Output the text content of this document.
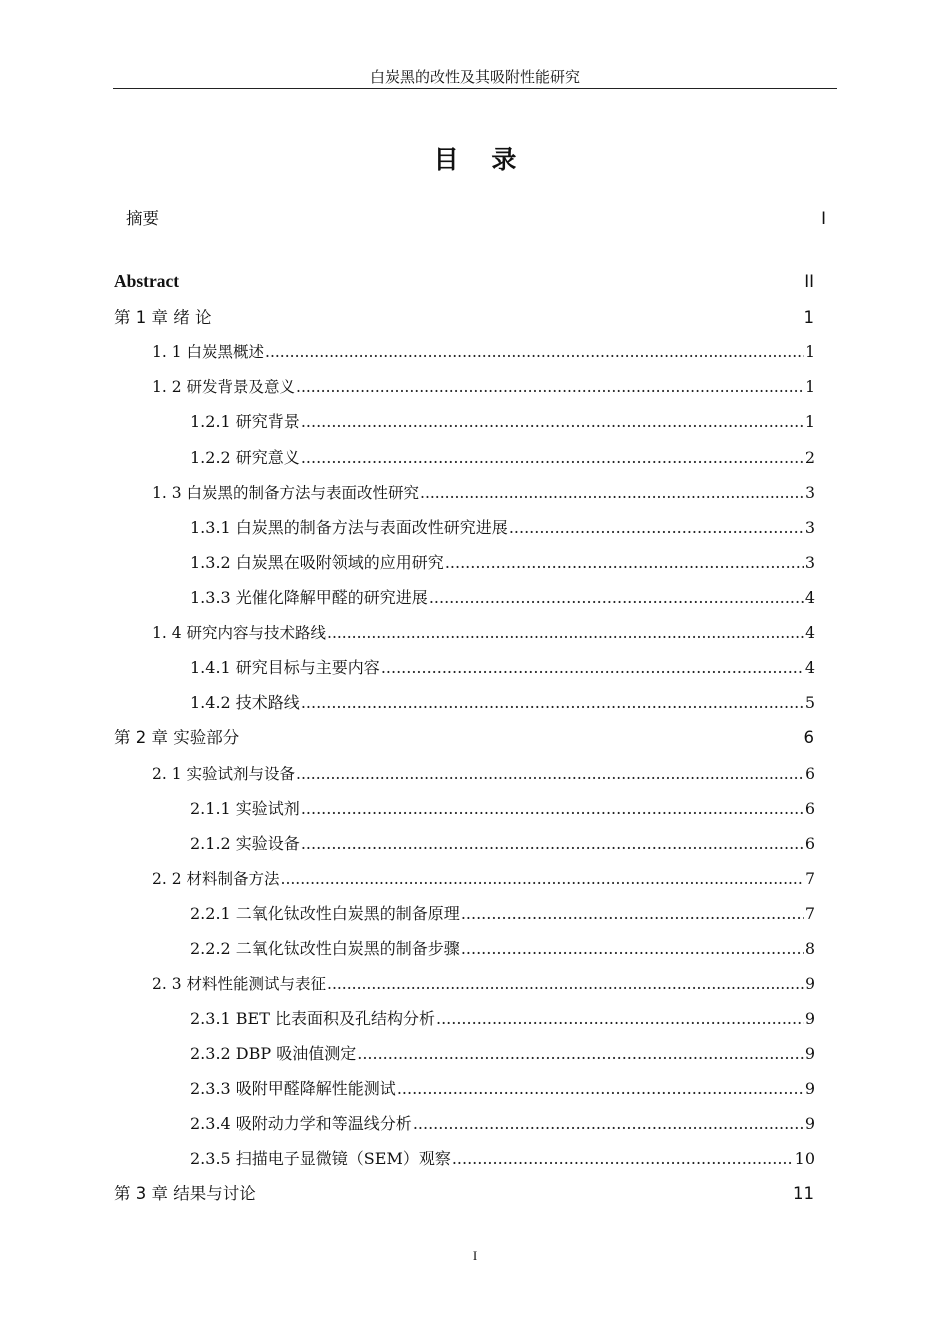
白炭黑的改性及其吸附性能研究
目 录
摘要	I
Abstract	II
第 1 章 绪 论	1
1. 1 白炭黑概述 .....	1
1. 2 研发背景及意义 .....	1
1.2.1 研究背景 .....	1
1.2.2 研究意义 .....	2
1. 3 白炭黑的制备方法与表面改性研究 .....	3
1.3.1 白炭黑的制备方法与表面改性研究进展 .....	3
1.3.2 白炭黑在吸附领域的应用研究 .....	3
1.3.3 光催化降解甲醛的研究进展 .....	4
1. 4 研究内容与技术路线 .....	4
1.4.1 研究目标与主要内容 .....	4
1.4.2 技术路线 .....	5
第 2 章 实验部分	6
2. 1 实验试剂与设备 .....	6
2.1.1 实验试剂 .....	6
2.1.2 实验设备 .....	6
2. 2 材料制备方法 .....	7
2.2.1 二氧化钛改性白炭黑的制备原理 .....	7
2.2.2 二氧化钛改性白炭黑的制备步骤 .....	8
2. 3 材料性能测试与表征 .....	9
2.3.1 BET 比表面积及孔结构分析 .....	9
2.3.2 DBP 吸油值测定 .....	9
2.3.3 吸附甲醛降解性能测试 .....	9
2.3.4 吸附动力学和等温线分析 .....	9
2.3.5 扫描电子显微镜（SEM）观察 .....	10
第 3 章 结果与讨论	11
I
